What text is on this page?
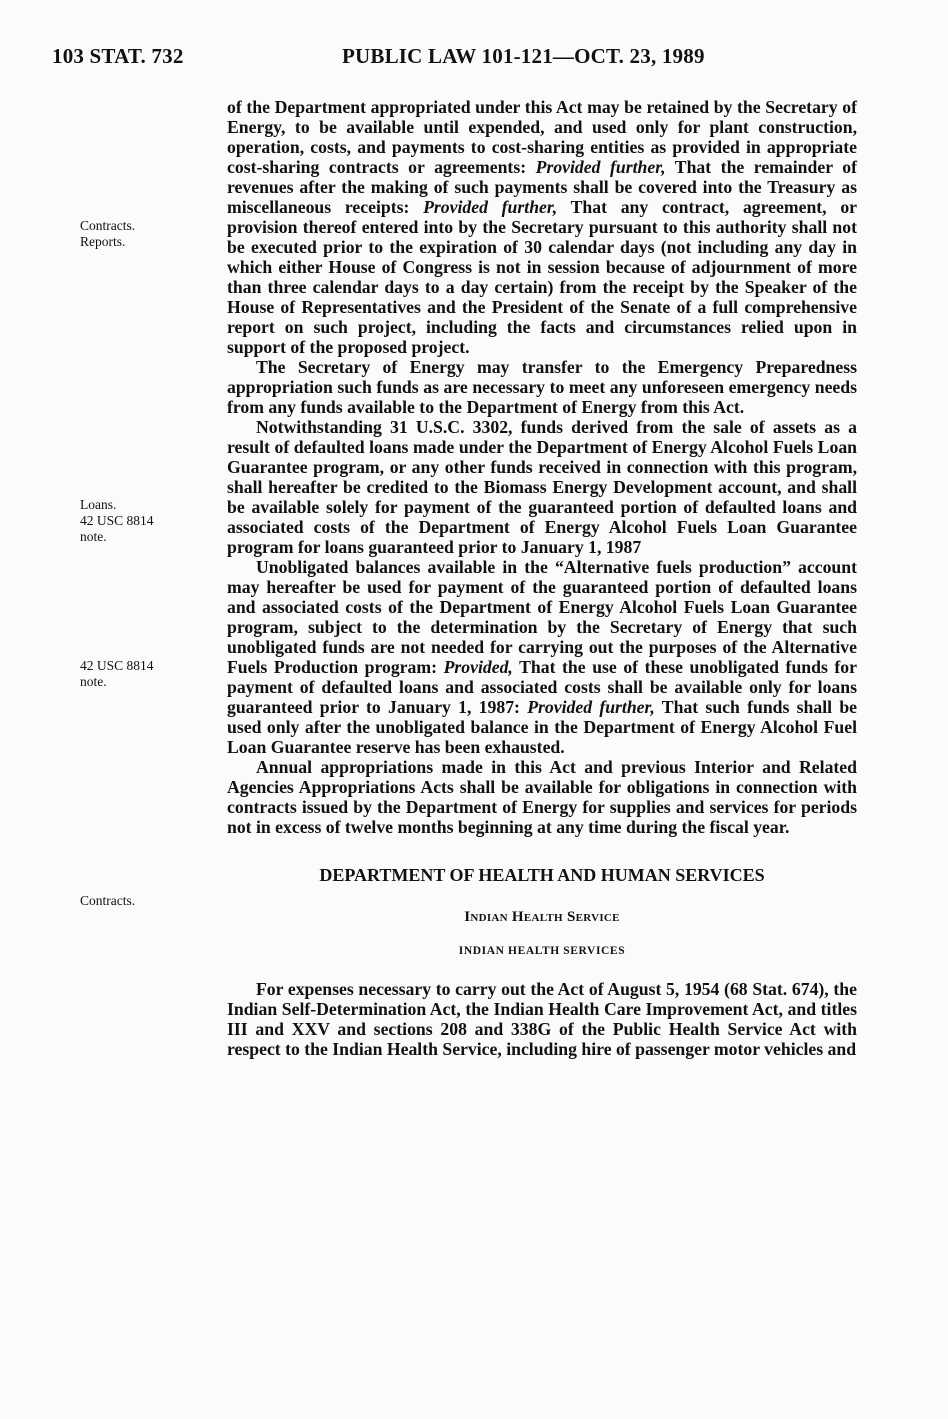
103 STAT. 732	PUBLIC LAW 101-121—OCT. 23, 1989
Contracts.
Reports.
Loans.
42 USC 8814
note.
42 USC 8814
note.
Contracts.

of the Department appropriated under this Act may be retained by the Secretary of Energy, to be available until expended, and used only for plant construction, operation, costs, and payments to cost-sharing entities as provided in appropriate cost-sharing contracts or agreements: Provided further, That the remainder of revenues after the making of such payments shall be covered into the Treasury as miscellaneous receipts: Provided further, That any contract, agreement, or provision thereof entered into by the Secretary pursuant to this authority shall not be executed prior to the expiration of 30 calendar days (not including any day in which either House of Congress is not in session because of adjournment of more than three calendar days to a day certain) from the receipt by the Speaker of the House of Representatives and the President of the Senate of a full comprehensive report on such project, including the facts and circumstances relied upon in support of the proposed project.

The Secretary of Energy may transfer to the Emergency Preparedness appropriation such funds as are necessary to meet any unforeseen emergency needs from any funds available to the Department of Energy from this Act.

Notwithstanding 31 U.S.C. 3302, funds derived from the sale of assets as a result of defaulted loans made under the Department of Energy Alcohol Fuels Loan Guarantee program, or any other funds received in connection with this program, shall hereafter be credited to the Biomass Energy Development account, and shall be available solely for payment of the guaranteed portion of defaulted loans and associated costs of the Department of Energy Alcohol Fuels Loan Guarantee program for loans guaranteed prior to January 1, 1987

Unobligated balances available in the “Alternative fuels production” account may hereafter be used for payment of the guaranteed portion of defaulted loans and associated costs of the Department of Energy Alcohol Fuels Loan Guarantee program, subject to the determination by the Secretary of Energy that such unobligated funds are not needed for carrying out the purposes of the Alternative Fuels Production program: Provided, That the use of these unobligated funds for payment of defaulted loans and associated costs shall be available only for loans guaranteed prior to January 1, 1987: Provided further, That such funds shall be used only after the unobligated balance in the Department of Energy Alcohol Fuel Loan Guarantee reserve has been exhausted.

Annual appropriations made in this Act and previous Interior and Related Agencies Appropriations Acts shall be available for obligations in connection with contracts issued by the Department of Energy for supplies and services for periods not in excess of twelve months beginning at any time during the fiscal year.

DEPARTMENT OF HEALTH AND HUMAN SERVICES
Indian Health Service
INDIAN HEALTH SERVICES

For expenses necessary to carry out the Act of August 5, 1954 (68 Stat. 674), the Indian Self-Determination Act, the Indian Health Care Improvement Act, and titles III and XXV and sections 208 and 338G of the Public Health Service Act with respect to the Indian Health Service, including hire of passenger motor vehicles and
